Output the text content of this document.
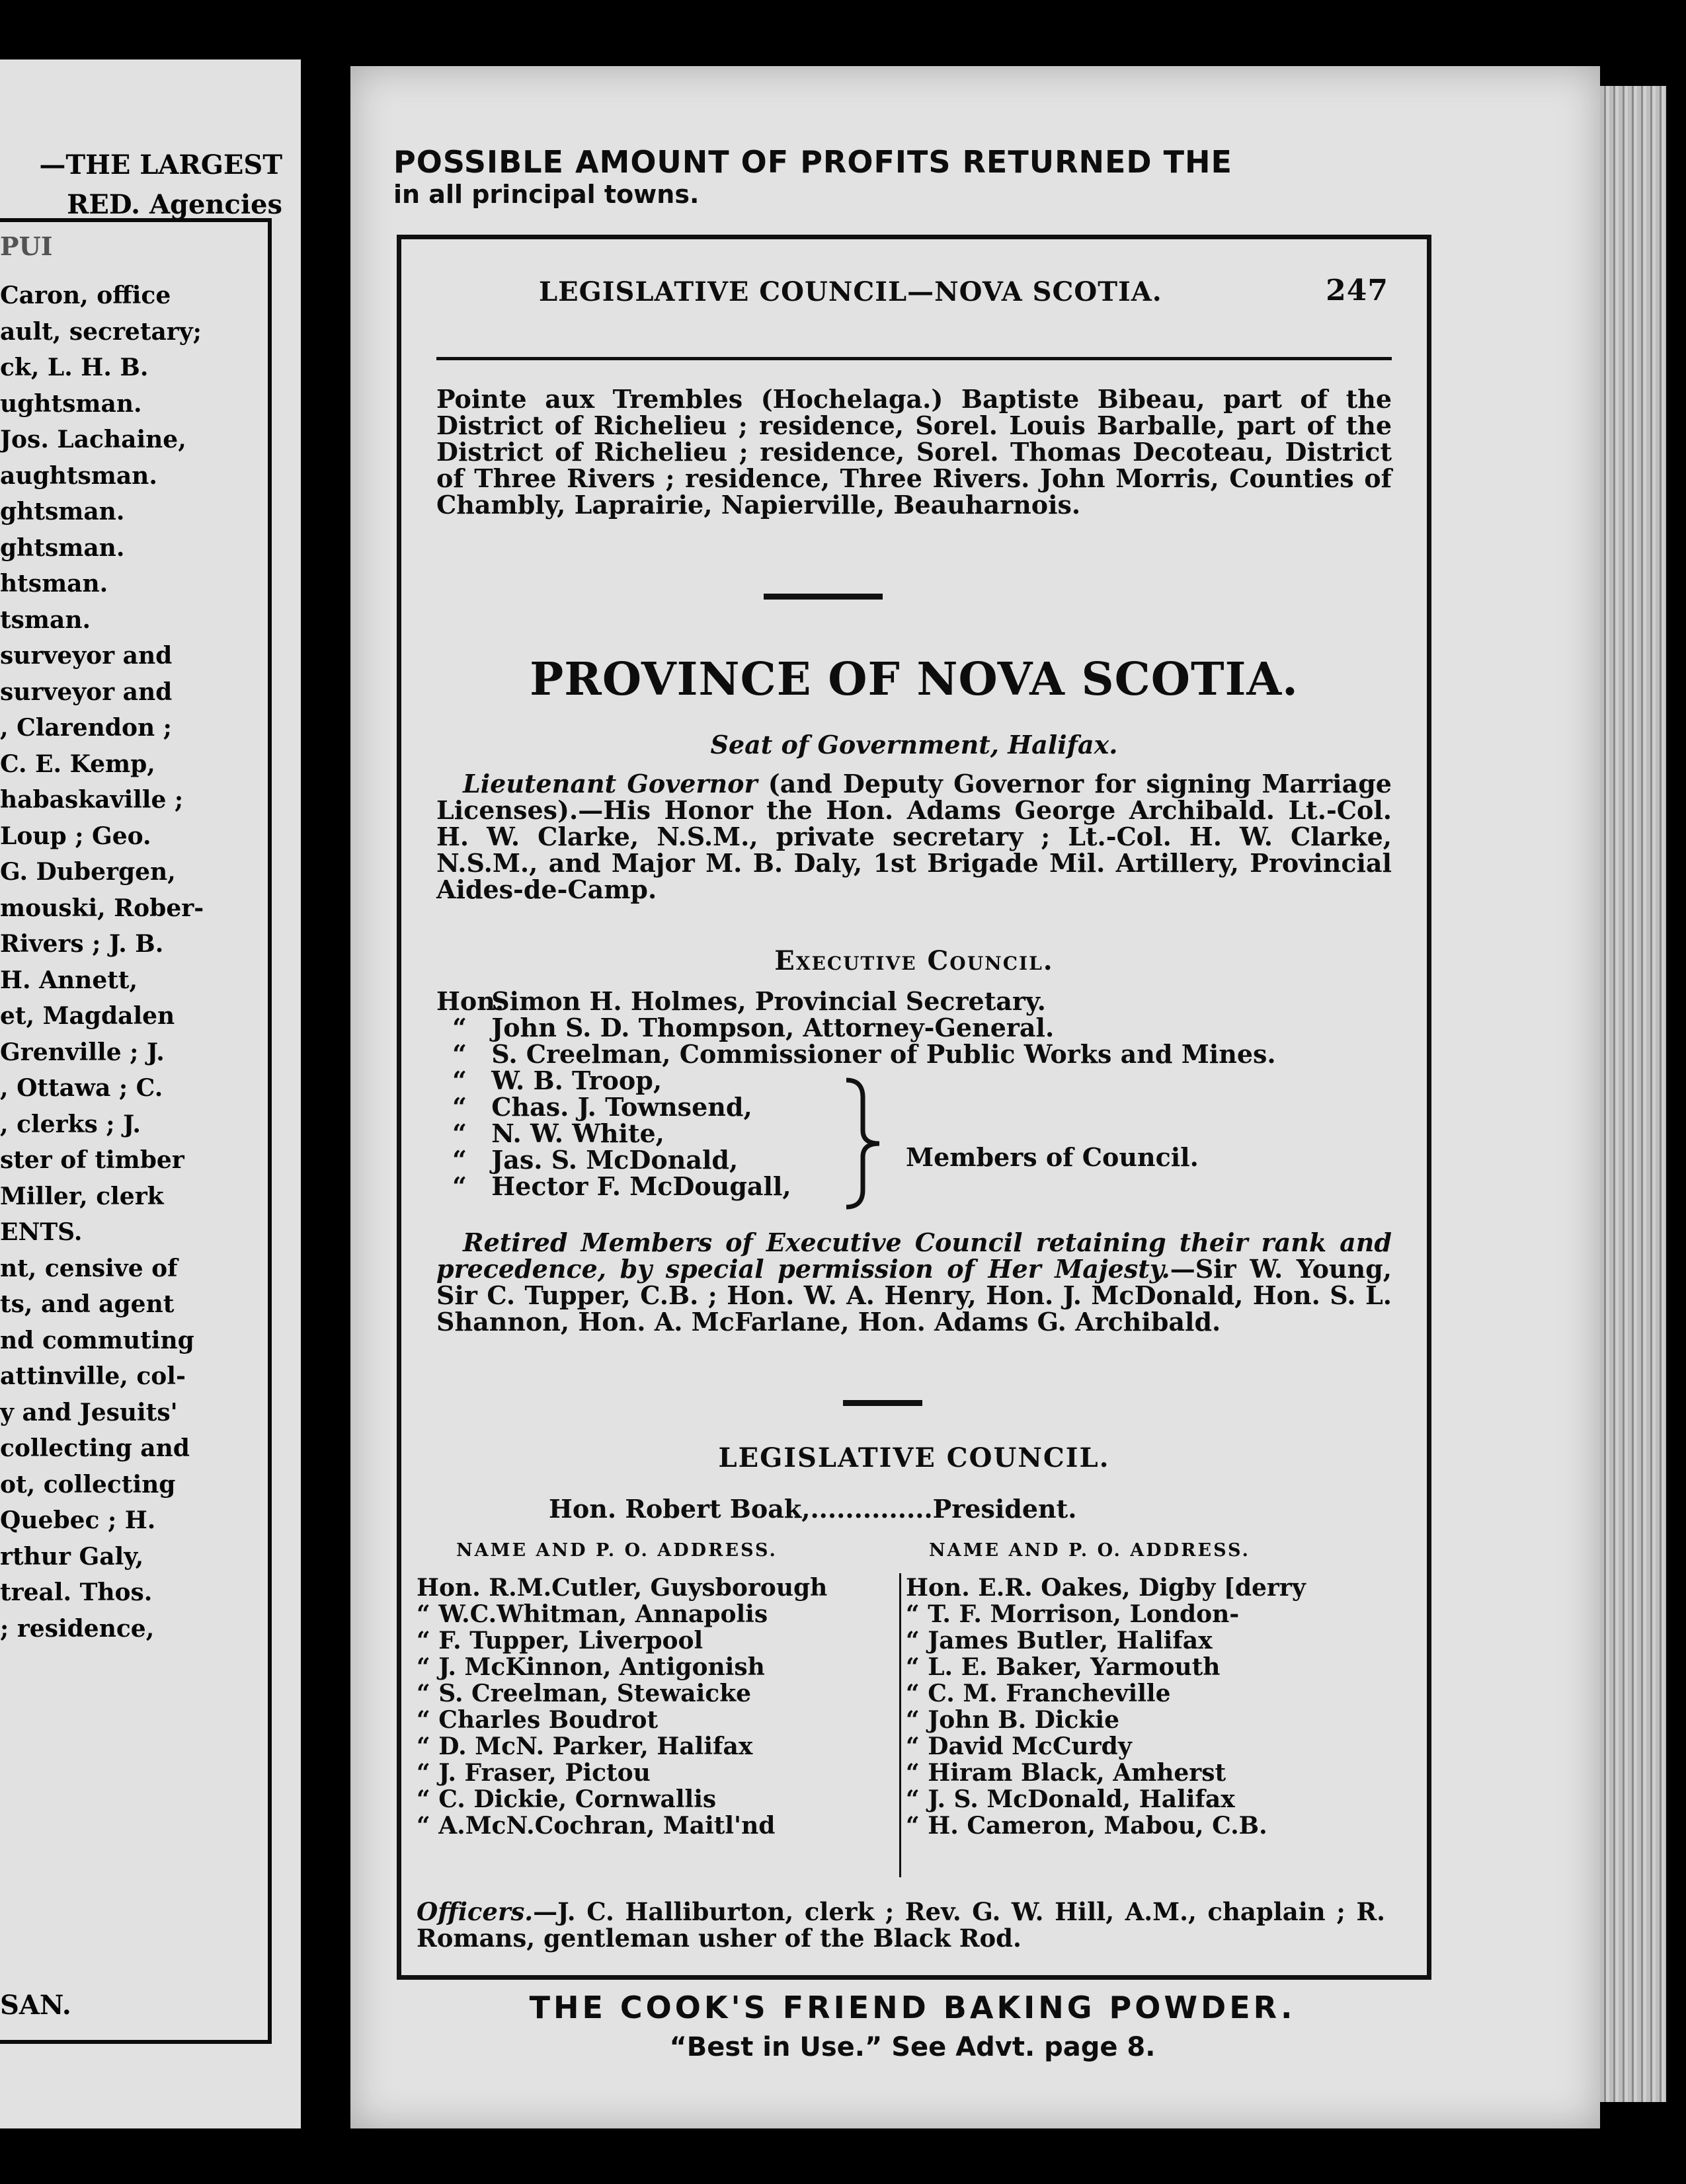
—THE LARGEST
RED. Agencies
PUI
Caron, office
ault, secretary;
ck, L. H. B.
ughtsman.
Jos. Lachaine,
aughtsman.
ghtsman.
ghtsman.
htsman.
tsman.
surveyor and
surveyor and
, Clarendon ;
C. E. Kemp,
habaskaville ;
Loup ; Geo.
G. Dubergen,
mouski, Rober-
Rivers ; J. B.
H. Annett,
et, Magdalen
Grenville ; J.
, Ottawa ; C.
, clerks ; J.
ster of timber
Miller, clerk
ENTS.
nt, censive of
ts, and agent
nd commuting
attinville, col-
y and Jesuits'
collecting and
ot, collecting
Quebec ; H.
rthur Galy,
treal. Thos.
; residence,
SAN.
POSSIBLE AMOUNT OF PROFITS RETURNED THE
in all principal towns.
LEGISLATIVE COUNCIL—NOVA SCOTIA.	247

Pointe aux Trembles (Hochelaga.) Baptiste Bibeau, part of the District of Richelieu ; residence, Sorel. Louis Barballe, part of the District of Richelieu ; residence, Sorel. Thomas Decoteau, District of Three Rivers ; residence, Three Rivers. John Morris, Counties of Chambly, Laprairie, Napierville, Beauharnois.

PROVINCE OF NOVA SCOTIA.
Seat of Government, Halifax.

Lieutenant Governor (and Deputy Governor for signing Marriage Licenses).—His Honor the Hon. Adams George Archibald. Lt.-Col. H. W. Clarke, N.S.M., private secretary ; Lt.-Col. H. W. Clarke, N.S.M., and Major M. B. Daly, 1st Brigade Mil. Artillery, Provincial Aides-de-Camp.

Executive Council.
Hon. Simon H. Holmes, Provincial Secretary.
“ John S. D. Thompson, Attorney-General.
“ S. Creelman, Commissioner of Public Works and Mines.
“ W. B. Troop,
“ Chas. J. Townsend,
“ N. W. White,
“ Jas. S. McDonald,
“ Hector F. McDougall,
Members of Council.

Retired Members of Executive Council retaining their rank and precedence, by special permission of Her Majesty.—Sir W. Young, Sir C. Tupper, C.B. ; Hon. W. A. Henry, Hon. J. McDonald, Hon. S. L. Shannon, Hon. A. McFarlane, Hon. Adams G. Archibald.

LEGISLATIVE COUNCIL.
Hon. Robert Boak,..............President.
NAME AND P. O. ADDRESS.	NAME AND P. O. ADDRESS.
Hon. R.M.Cutler, Guysborough
“ W.C.Whitman, Annapolis
“ F. Tupper, Liverpool
“ J. McKinnon, Antigonish
“ S. Creelman, Stewaicke
“ Charles Boudrot
“ D. McN. Parker, Halifax
“ J. Fraser, Pictou
“ C. Dickie, Cornwallis
“ A.McN.Cochran, Maitl'nd
Hon. E.R. Oakes, Digby [derry
“ T. F. Morrison, London-
“ James Butler, Halifax
“ L. E. Baker, Yarmouth
“ C. M. Francheville
“ John B. Dickie
“ David McCurdy
“ Hiram Black, Amherst
“ J. S. McDonald, Halifax
“ H. Cameron, Mabou, C.B.
Officers.—J. C. Halliburton, clerk ; Rev. G. W. Hill, A.M., chaplain ; R. Romans, gentleman usher of the Black Rod.
THE COOK'S FRIEND BAKING POWDER.
“Best in Use.” See Advt. page 8.
